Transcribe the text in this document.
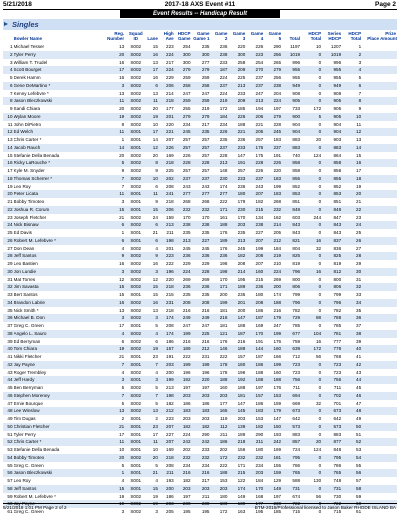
5/21/2018	2017-18 AXS Event #11	Page 2
Event Results -- Handicap Result
Singles
		Reg.	Squad		High	HDCP	Game	Game	Game	Game	Game		HDCP	Series	HDCP		Prize
	Bowler Name	Number	ID	Lane	Ave	Game	Game 1	2	3	4	5	Total	Total	HDCP	Total	Place	Amount
1	Michael Tesser	13	S002	15	223	254	235	236	220	226	290	1197	10	1207	1		
2	Tyler Perry	20	S002	16	224	300	300	238	300	223	256	1019	0	1019	2		
3	William T. Trudel	16	S002	13	217	300	277	233	258	254	265	996	0	996	3		
4	Scott Bourget	17	S002	17	224	279	279	187	209	270	279	955	0	955	4		
5	Derek Hamm	16	S002	16	229	259	259	224	225	237	256	955	0	955	5		
6	Gene DeMartino *	3	S002	6	206	258	258	237	213	237	238	949	0	949	6		
7	Kenny Lefebvre *	13	S002	13	214	247	247	224	233	247	204	908	0	908	7		
8	Jason Bleczkowski	11	S002	11	218	259	259	219	209	213	224	905	0	905	8		
9	Sandi Chiara	20	S002	20	177	255	219	172	185	194	197	733	172	905	9		
10	Wylan Moore	19	S002	19	201	279	279	184	226	206	279	900	5	905	10		
11	John DiPietro	8	S002	10	220	234	217	234	188	221	228	904	0	904	11		
12	Ed Welch	11	S001	17	221	245	235	226	221	205	245	904	0	904	12		
13	Chris Carter *	1	S001	14	207	257	257	235	236	257	183	883	20	903	13		
14	Jacob Rauch	14	S001	12	226	257	257	237	233	176	237	883	0	883	14		
15	Stefanie Della Benada	20	S002	20	169	226	257	228	147	175	191	740	124	864	15		
16	Ricky LaRouche *	5	S002	8	218	228	228	213	191	228	226	858	0	858	16		
17	Kyle M. Snyder	9	S002	9	225	257	257	148	257	226	220	858	0	858	17		
18	Thomas Scherrer *	7	S002	10	202	237	237	230	233	237	183	855	0	855	18		
19	Leo Roy	7	S002	6	208	243	243	174	236	243	199	852	0	852	19		
20	Peter Licata	11	S001	11	241	277	277	277	180	207	183	853	0	853	20		
21	Bobby Timoteo	3	S001	9	218	268	268	222	179	182	268	851	0	851	21		
22	Joshua R. Corum	15	S001	15	206	232	232	171	230	215	232	848	0	848	22		
23	Joseph Fletcher	21	S002	24	159	170	170	161	170	134	162	603	244	847	23		
24	Nick Bisnaw	6	S002	6	213	238	238	188	203	238	214	843	0	843	24		
25	Ed Davis	1	S001	21	211	235	235	176	235	227	205	843	0	843	25		
26	Robert M. Lefebvre *	6	S001	6	198	213	227	189	213	207	212	821	16	837	26		
27	Don Dean	4	S002	4	201	245	245	176	245	199	184	804	32	836	27		
28	Jeff Santos	9	S002	9	223	236	236	236	182	208	219	825	0	825	28		
29	Leo Bastien	16	S002	16	222	229	229	198	208	207	210	819	0	819	29		
30	Jon Lundie	3	S002	3	196	224	228	198	214	160	224	796	16	812	30		
31	Mat Torres	12	S002	12	220	269	269	170	195	215	269	800	0	800	31		
32	Jim Savasta	15	S002	15	218	236	236	171	189	236	200	806	0	806	32		
33	Bert Santos	15	S001	15	215	235	235	200	235	180	174	799	0	799	33		
34	Brandon Labrie	16	S002	16	231	208	208	199	201	208	188	796	0	796	34		
35	Nick Smith *	13	S002	13	218	216	216	181	200	186	216	782	0	782	35		
36	Michael B. Don	3	S002	3	174	249	249	216	147	187	179	729	88	788	36		
37	Greg C. Green	17	S001	5	208	247	247	181	188	169	247	785	0	785	37		
38	Angelo L. Sauro	4	S002	4	174	199	225	121	187	170	199	677	104	781	38		
39	Ed Berryman	6	S002	6	186	216	216	176	216	191	176	759	16	777	39		
40	Tom Chiara	19	S002	19	157	189	212	146	189	144	160	639	172	778	40		
41	Nikki Fletcher	21	S001	23	191	222	231	222	157	187	166	712	56	768	41		
42	Jay Payne	7	S001	7	203	199	199	178	180	186	199	723	0	723	42		
43	Roger Trembley	4	S002	4	200	196	196	178	196	188	160	723	0	723	43		
44	Jeff Hardy	3	S001	3	199	192	220	188	192	188	188	756	0	756	44		
45	Ben Berryman	5	S002	5	213	197	197	160	188	197	176	711	0	711	45		
46	Stephen Moreney	7	S002	7	198	203	203	203	181	157	153	694	0	702	46		
47	Ernie Bourque	5	S002	5	182	186	186	177	147	186	159	669	32	701	47		
48	Lee Winslow	13	S002	13	212	183	183	165	145	183	179	673	0	673	48		
49	Tim Dugas	2	S001	2	223	203	203	119	203	153	147	642	0	642	49		
50	Christian Fletcher	21	S001	23	207	182	182	112	139	182	150	573	0	573	50		
51	Tyler Perry	17	S001	17	227	224	290	211	189	290	193	883	0	883	51		
52	Chris Carter *	11	S001	11	207	242	242	186	218	211	242	857	20	877	52		
53	Stefanie Della Benada	10	S001	10	169	202	233	202	156	180	169	724	124	848	53		
54	Bobby Timoteo	20	S002	20	218	232	232	172	232	232	181	795	0	795	54		
55	Greg C. Green	5	S001	5	208	234	234	222	171	234	155	786	0	786	55		
56	Jason Bleczkowski	1	S001	21	211	216	216	188	215	203	159	765	0	765	56		
57	Leo Roy	4	S001	4	193	182	217	153	122	184	129	588	130	748	57		
58	Jeff Santos	15	S001	15	200	203	203	203	174	170	149	731	0	731	58		
59	Robert M. Lefebvre *	19	S002	19	186	197	211	180	149	168	197	674	56	730	59		
60	Jay Payne	19	S002	19	203	230	230	180	139	177	230	722	0	722	60		
61	Greg C. Green	3	S002	3	205	195	195	172	163	195	185	715	0	715	61		
5/21/2018 1:01 PM Page 2 of 2	BTM-2015/Professional licensed to Jason Baker RHODE ISLAND BA
